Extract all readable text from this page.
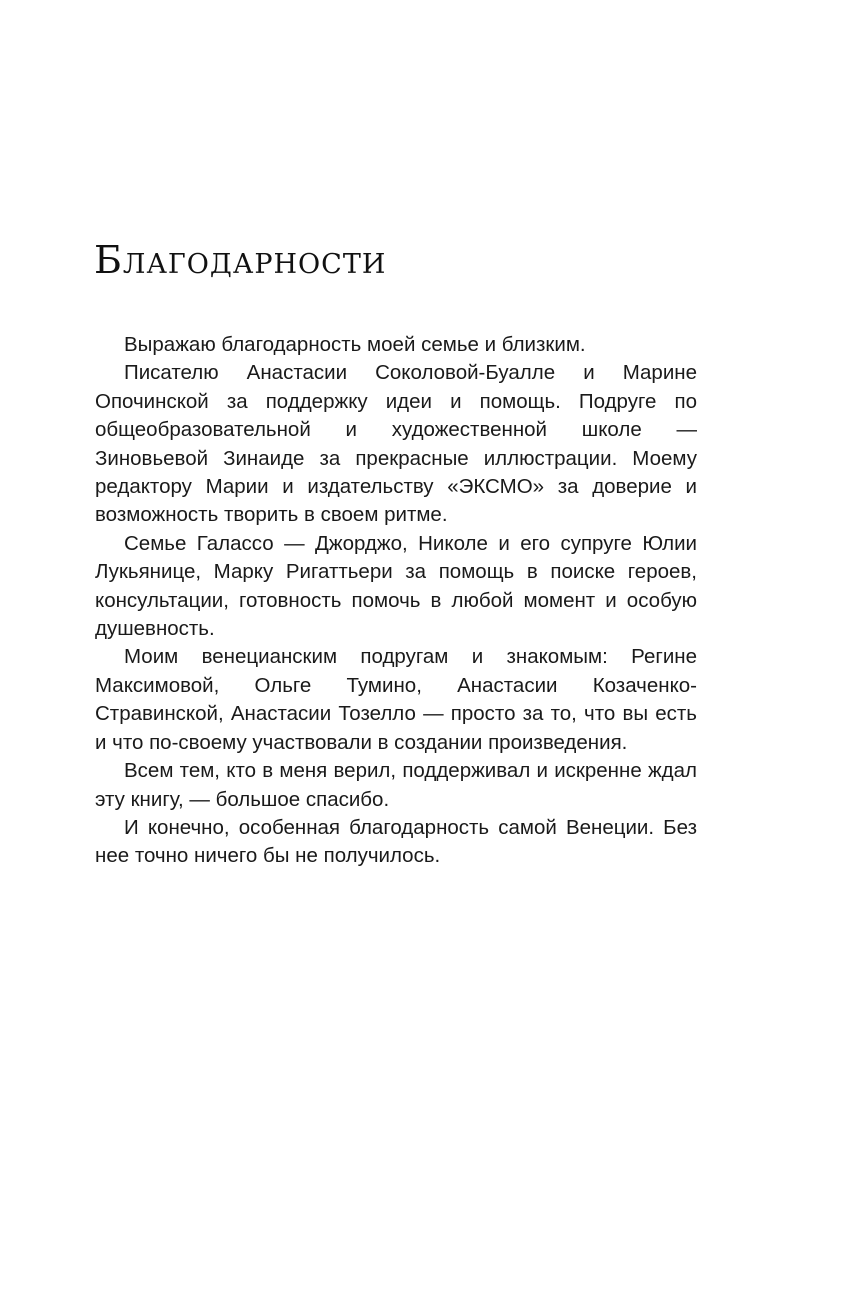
Благодарности

Выражаю благодарность моей семье и близким.

Писателю Анастасии Соколовой-Буалле и Марине Опочинской за поддержку идеи и помощь. Подруге по общеобразовательной и художественной школе — Зиновьевой Зинаиде за прекрасные иллюстрации. Моему редактору Марии и издательству «ЭКСМО» за доверие и возможность творить в своем ритме.

Семье Галассо — Джорджо, Николе и его супруге Юлии Лукьянице, Марку Ригаттьери за помощь в поиске героев, консультации, готовность помочь в любой момент и особую душевность.

Моим венецианским подругам и знакомым: Регине Максимовой, Ольге Тумино, Анастасии Козаченко-Стравинской, Анастасии Тозелло — просто за то, что вы есть и что по-своему участвовали в создании произведения.

Всем тем, кто в меня верил, поддерживал и искренне ждал эту книгу, — большое спасибо.

И конечно, особенная благодарность самой Венеции. Без нее точно ничего бы не получилось.
